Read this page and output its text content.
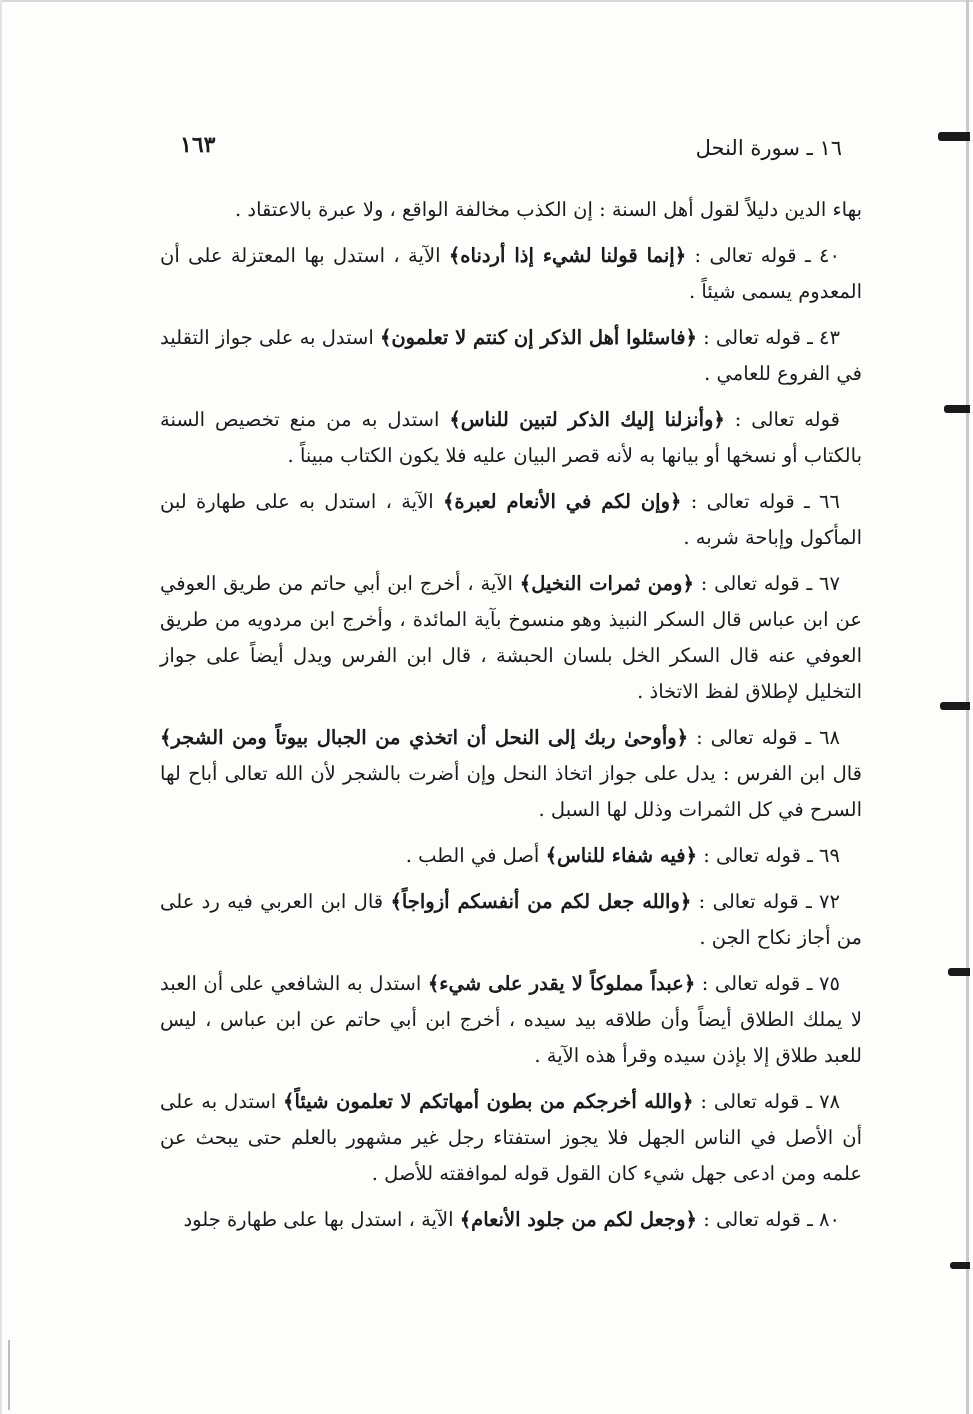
١٦ ـ سورة النحل
١٦٣

بهاء الدين دليلاً لقول أهل السنة : إن الكذب مخالفة الواقع ، ولا عبرة بالاعتقاد .

٤٠ ـ قوله تعالى : ﴿إنما قولنا لشيء إذا أردناه﴾ الآية ، استدل بها المعتزلة على أن المعدوم يسمى شيئاً .

٤٣ ـ قوله تعالى : ﴿فاسئلوا أهل الذكر إن كنتم لا تعلمون﴾ استدل به على جواز التقليد في الفروع للعامي .

قوله تعالى : ﴿وأنزلنا إليك الذكر لتبين للناس﴾ استدل به من منع تخصيص السنة بالكتاب أو نسخها أو بيانها به لأنه قصر البيان عليه فلا يكون الكتاب مبيناً .

٦٦ ـ قوله تعالى : ﴿وإن لكم في الأنعام لعبرة﴾ الآية ، استدل به على طهارة لبن المأكول وإباحة شربه .

٦٧ ـ قوله تعالى : ﴿ومن ثمرات النخيل﴾ الآية ، أخرج ابن أبي حاتم من طريق العوفي عن ابن عباس قال السكر النبيذ وهو منسوخ بآية المائدة ، وأخرج ابن مردويه من طريق العوفي عنه قال السكر الخل بلسان الحبشة ، قال ابن الفرس ويدل أيضاً على جواز التخليل لإطلاق لفظ الاتخاذ .

٦٨ ـ قوله تعالى : ﴿وأوحىٰ ربك إلى النحل أن اتخذي من الجبال بيوتاً ومن الشجر﴾ قال ابن الفرس : يدل على جواز اتخاذ النحل وإن أضرت بالشجر لأن الله تعالى أباح لها السرح في كل الثمرات وذلل لها السبل .

٦٩ ـ قوله تعالى : ﴿فيه شفاء للناس﴾ أصل في الطب .

٧٢ ـ قوله تعالى : ﴿والله جعل لكم من أنفسكم أزواجاً﴾ قال ابن العربي فيه رد على من أجاز نكاح الجن .

٧٥ ـ قوله تعالى : ﴿عبداً مملوكاً لا يقدر على شيء﴾ استدل به الشافعي على أن العبد لا يملك الطلاق أيضاً وأن طلاقه بيد سيده ، أخرج ابن أبي حاتم عن ابن عباس ، ليس للعبد طلاق إلا بإذن سيده وقرأ هذه الآية .

٧٨ ـ قوله تعالى : ﴿والله أخرجكم من بطون أمهاتكم لا تعلمون شيئاً﴾ استدل به على أن الأصل في الناس الجهل فلا يجوز استفتاء رجل غير مشهور بالعلم حتى يبحث عن علمه ومن ادعى جهل شيء كان القول قوله لموافقته للأصل .

٨٠ ـ قوله تعالى : ﴿وجعل لكم من جلود الأنعام﴾ الآية ، استدل بها على طهارة جلود
